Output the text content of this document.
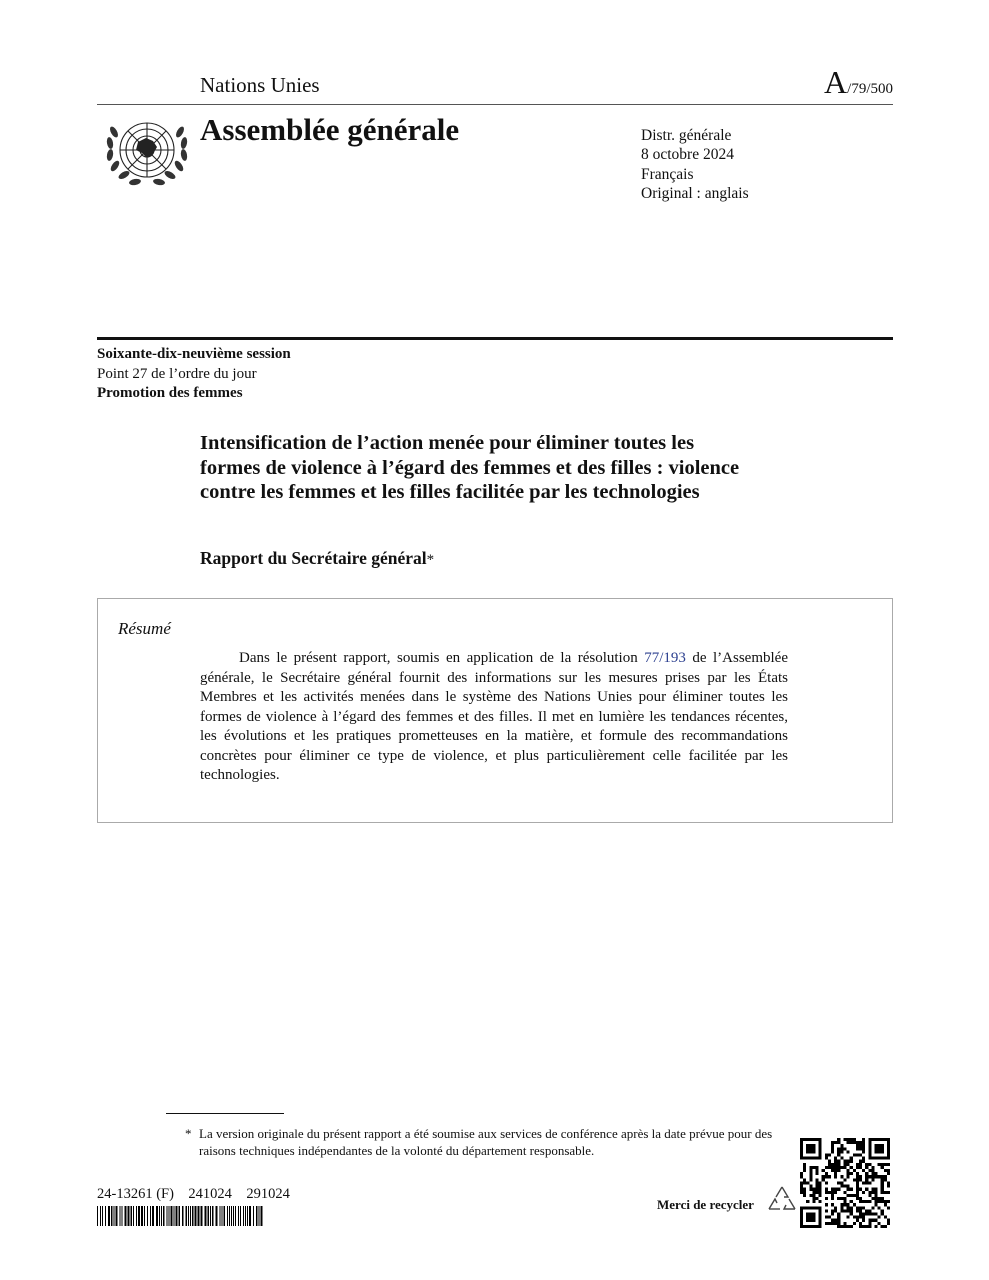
Nations Unies	A/79/500
Assemblée générale	Distr. générale
8 octobre 2024
Français
Original : anglais
Soixante-dix-neuvième session
Point 27 de l’ordre du jour
Promotion des femmes
Intensification de l’action menée pour éliminer toutes les formes de violence à l’égard des femmes et des filles : violence contre les femmes et les filles facilitée par les technologies
Rapport du Secrétaire général*
Résumé

Dans le présent rapport, soumis en application de la résolution 77/193 de l’Assemblée générale, le Secrétaire général fournit des informations sur les mesures prises par les États Membres et les activités menées dans le système des Nations Unies pour éliminer toutes les formes de violence à l’égard des femmes et des filles. Il met en lumière les tendances récentes, les évolutions et les pratiques prometteuses en la matière, et formule des recommandations concrètes pour éliminer ce type de violence, et plus particulièrement celle facilitée par les technologies.

* La version originale du présent rapport a été soumise aux services de conférence après la date prévue pour des raisons techniques indépendantes de la volonté du département responsable.
24-13261 (F)    241024    291024
Merci de recycler
